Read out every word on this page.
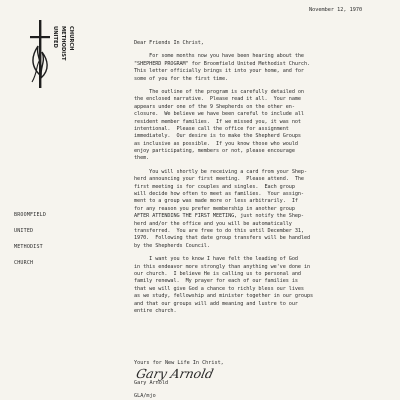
UNITED METHODIST CHURCH
BROOMFIELD
UNITED
METHODIST
CHURCH
November 12, 1970

Dear Friends In Christ,

For some months now you have been hearing about the
"SHEPHERD PROGRAM" for Broomfield United Methodist Church.
This letter officially brings it into your home, and for
some of you for the first time.
The outline of the program is carefully detailed on
the enclosed narrative.  Please read it all.  Your name
appears under one of the 9 Shepherds on the other en-
closure.  We believe we have been careful to include all
resident member families.  If we missed you, it was not
intentional.  Please call the office for assignment
immediately.  Our desire is to make the Shepherd Groups
as inclusive as possible.  If you know those who would
enjoy participating, members or not, please encourage
them.
You will shortly be receiving a card from your Shep-
herd announcing your first meeting.  Please attend.  The
first meeting is for couples and singles.  Each group
will decide how often to meet as families.  Your assign-
ment to a group was made more or less arbitrarily.  If
for any reason you prefer membership in another group
AFTER ATTENDING THE FIRST MEETING, just notify the Shep-
herd and/or the office and you will be automatically
transferred.  You are free to do this until December 31,
1970.  Following that date group transfers will be handled
by the Shepherds Council.
I want you to know I have felt the leading of God
in this endeavor more strongly than anything we've done in
our church.  I believe He is calling us to personal and
family renewal.  My prayer for each of our families is
that we will give God a chance to richly bless our lives
as we study, fellowship and minister together in our groups
and that our groups will add meaning and lustre to our
entire church.
Yours for New Life In Christ,
Gary Arnold
Gary Arnold
GLA/mjo
